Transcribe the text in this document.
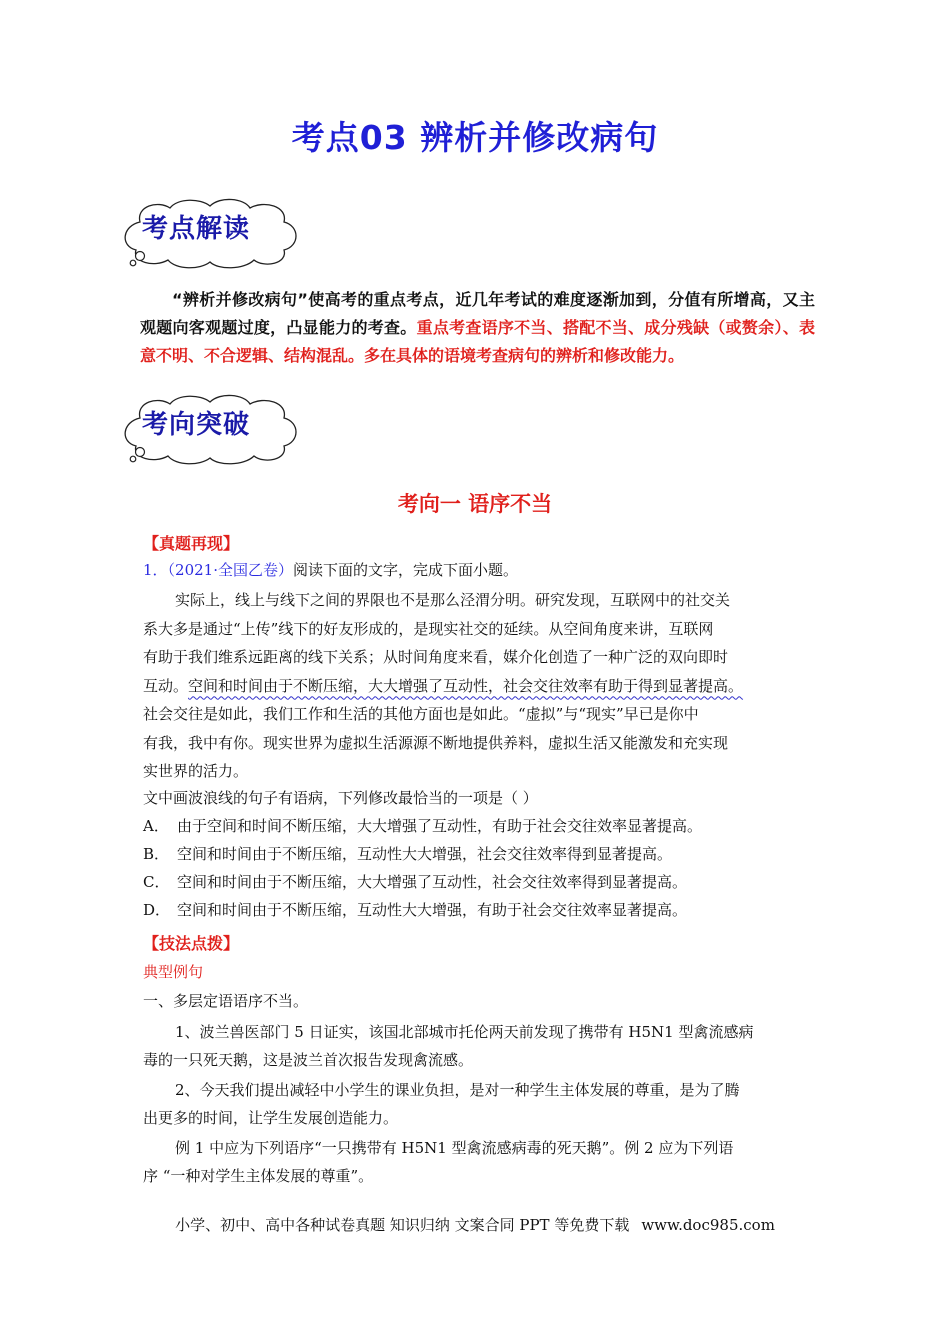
考点03 辨析并修改病句
考点解读
“辨析并修改病句”使高考的重点考点，近几年考试的难度逐渐加到，分值有所增高，又主观题向客观题过度，凸显能力的考查。重点考查语序不当、搭配不当、成分残缺（或赘余）、表意不明、不合逻辑、结构混乱。多在具体的语境考查病句的辨析和修改能力。
考向突破
考向一 语序不当
【真题再现】
1．（2021·全国乙卷）阅读下面的文字，完成下面小题。
实际上，线上与线下之间的界限也不是那么泾渭分明。研究发现，互联网中的社交关
系大多是通过“上传”线下的好友形成的，是现实社交的延续。从空间角度来讲，互联网
有助于我们维系远距离的线下关系；从时间角度来看，媒介化创造了一种广泛的双向即时
互动。空间和时间由于不断压缩，大大增强了互动性，社会交往效率有助于得到显著提高。
社会交往是如此，我们工作和生活的其他方面也是如此。“虚拟”与“现实”早已是你中
有我，我中有你。现实世界为虚拟生活源源不断地提供养料，虚拟生活又能激发和充实现
实世界的活力。
文中画波浪线的句子有语病，下列修改最恰当的一项是（ ）
A． 由于空间和时间不断压缩，大大增强了互动性，有助于社会交往效率显著提高。
B． 空间和时间由于不断压缩，互动性大大增强，社会交往效率得到显著提高。
C． 空间和时间由于不断压缩，大大增强了互动性，社会交往效率得到显著提高。
D． 空间和时间由于不断压缩，互动性大大增强，有助于社会交往效率显著提高。
【技法点拨】
典型例句
一、多层定语语序不当。
1、波兰兽医部门 5 日证实，该国北部城市托伦两天前发现了携带有 H5N1 型禽流感病
毒的一只死天鹅，这是波兰首次报告发现禽流感。
2、今天我们提出减轻中小学生的课业负担，是对一种学生主体发展的尊重，是为了腾
出更多的时间，让学生发展创造能力。
例 1 中应为下列语序“一只携带有 H5N1 型禽流感病毒的死天鹅”。例 2 应为下列语
序 “一种对学生主体发展的尊重”。
小学、初中、高中各种试卷真题 知识归纳 文案合同 PPT 等免费下载 www.doc985.com
